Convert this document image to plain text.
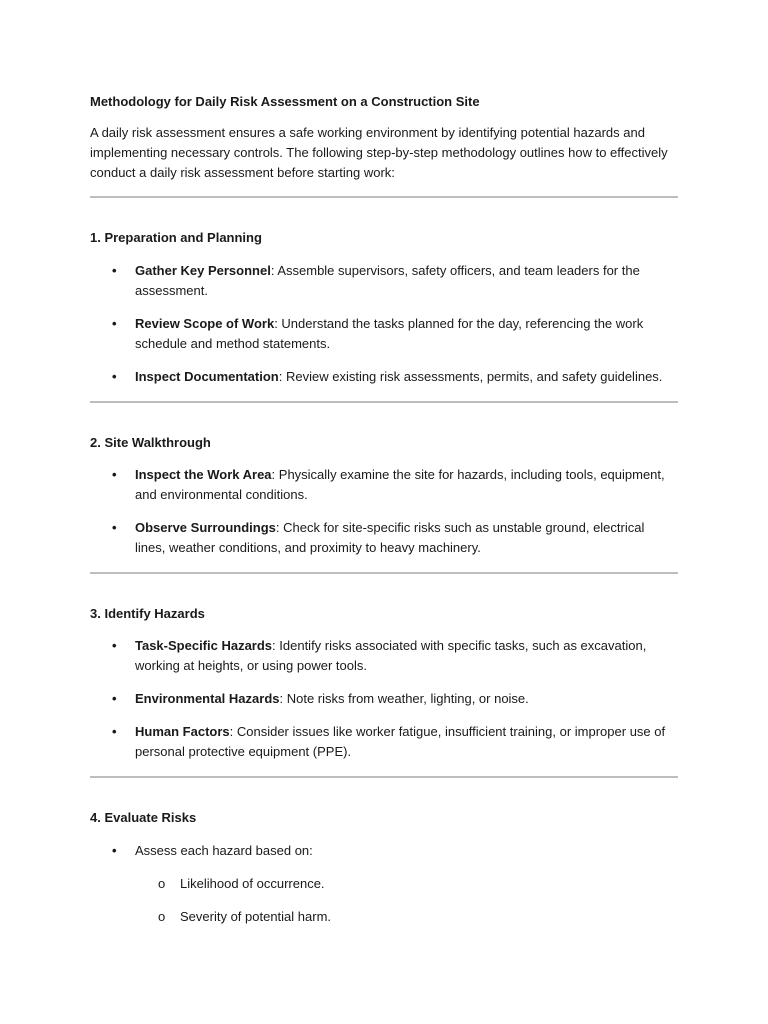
Methodology for Daily Risk Assessment on a Construction Site

A daily risk assessment ensures a safe working environment by identifying potential hazards and implementing necessary controls. The following step-by-step methodology outlines how to effectively conduct a daily risk assessment before starting work:

1. Preparation and Planning

• Gather Key Personnel: Assemble supervisors, safety officers, and team leaders for the assessment.
• Review Scope of Work: Understand the tasks planned for the day, referencing the work schedule and method statements.
• Inspect Documentation: Review existing risk assessments, permits, and safety guidelines.

2. Site Walkthrough

• Inspect the Work Area: Physically examine the site for hazards, including tools, equipment, and environmental conditions.
• Observe Surroundings: Check for site-specific risks such as unstable ground, electrical lines, weather conditions, and proximity to heavy machinery.

3. Identify Hazards

• Task-Specific Hazards: Identify risks associated with specific tasks, such as excavation, working at heights, or using power tools.
• Environmental Hazards: Note risks from weather, lighting, or noise.
• Human Factors: Consider issues like worker fatigue, insufficient training, or improper use of personal protective equipment (PPE).

4. Evaluate Risks

• Assess each hazard based on:
o Likelihood of occurrence.
o Severity of potential harm.
